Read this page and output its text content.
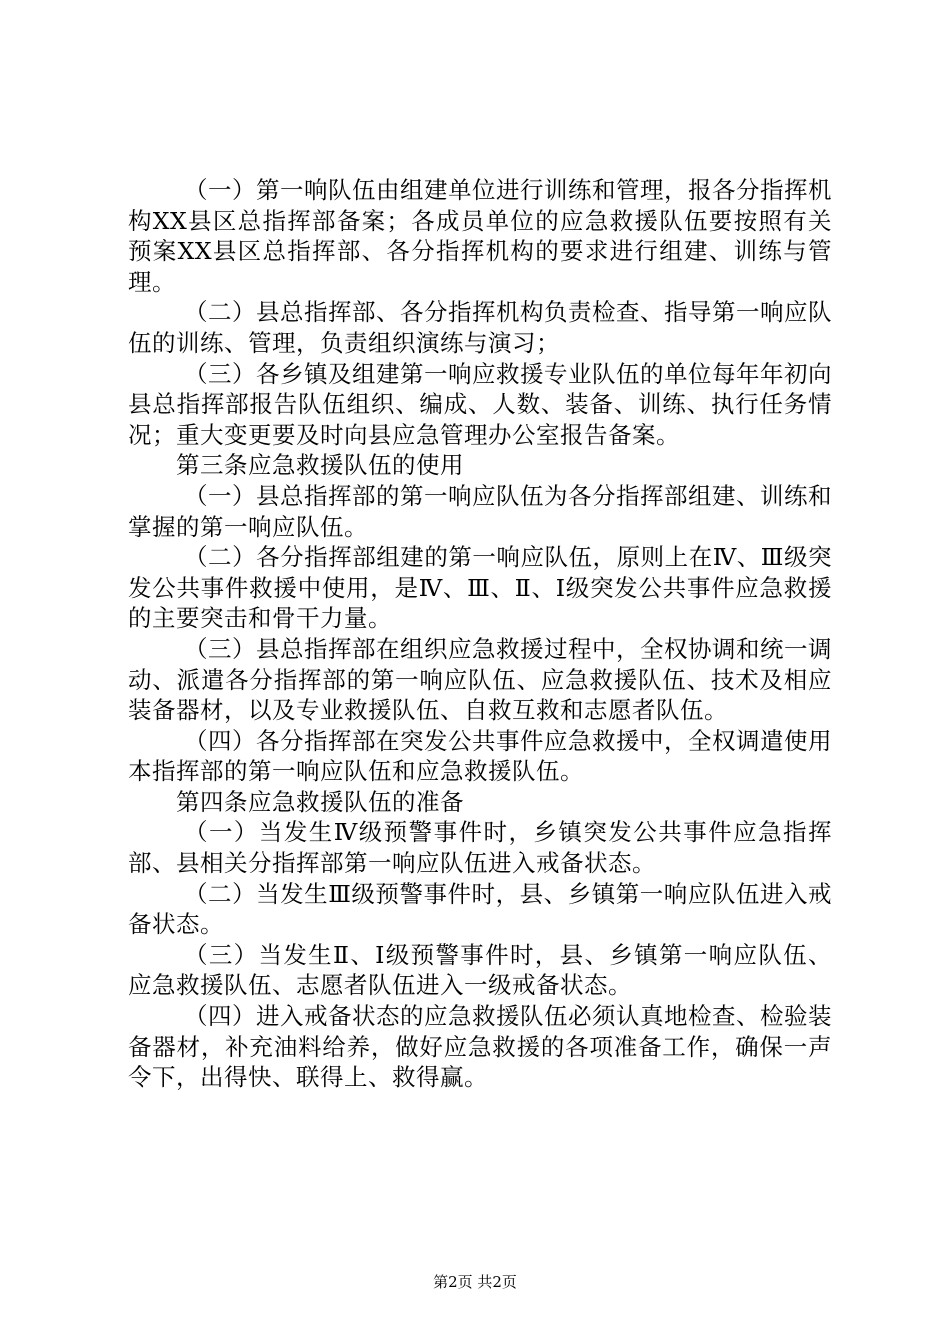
（一）第一响队伍由组建单位进行训练和管理，报各分指挥机构XX县区总指挥部备案；各成员单位的应急救援队伍要按照有关预案XX县区总指挥部、各分指挥机构的要求进行组建、训练与管理。

（二）县总指挥部、各分指挥机构负责检查、指导第一响应队伍的训练、管理，负责组织演练与演习；

（三）各乡镇及组建第一响应救援专业队伍的单位每年年初向县总指挥部报告队伍组织、编成、人数、装备、训练、执行任务情况；重大变更要及时向县应急管理办公室报告备案。

第三条应急救援队伍的使用

（一）县总指挥部的第一响应队伍为各分指挥部组建、训练和掌握的第一响应队伍。

（二）各分指挥部组建的第一响应队伍，原则上在Ⅳ、Ⅲ级突发公共事件救援中使用，是Ⅳ、Ⅲ、Ⅱ、Ⅰ级突发公共事件应急救援的主要突击和骨干力量。

（三）县总指挥部在组织应急救援过程中，全权协调和统一调动、派遣各分指挥部的第一响应队伍、应急救援队伍、技术及相应装备器材，以及专业救援队伍、自救互救和志愿者队伍。

（四）各分指挥部在突发公共事件应急救援中，全权调遣使用本指挥部的第一响应队伍和应急救援队伍。

第四条应急救援队伍的准备

（一）当发生Ⅳ级预警事件时，乡镇突发公共事件应急指挥部、县相关分指挥部第一响应队伍进入戒备状态。

（二）当发生Ⅲ级预警事件时，县、乡镇第一响应队伍进入戒备状态。

（三）当发生Ⅱ、Ⅰ级预警事件时，县、乡镇第一响应队伍、应急救援队伍、志愿者队伍进入一级戒备状态。

（四）进入戒备状态的应急救援队伍必须认真地检查、检验装备器材，补充油料给养，做好应急救援的各项准备工作，确保一声令下，出得快、联得上、救得赢。

第2页 共2页
